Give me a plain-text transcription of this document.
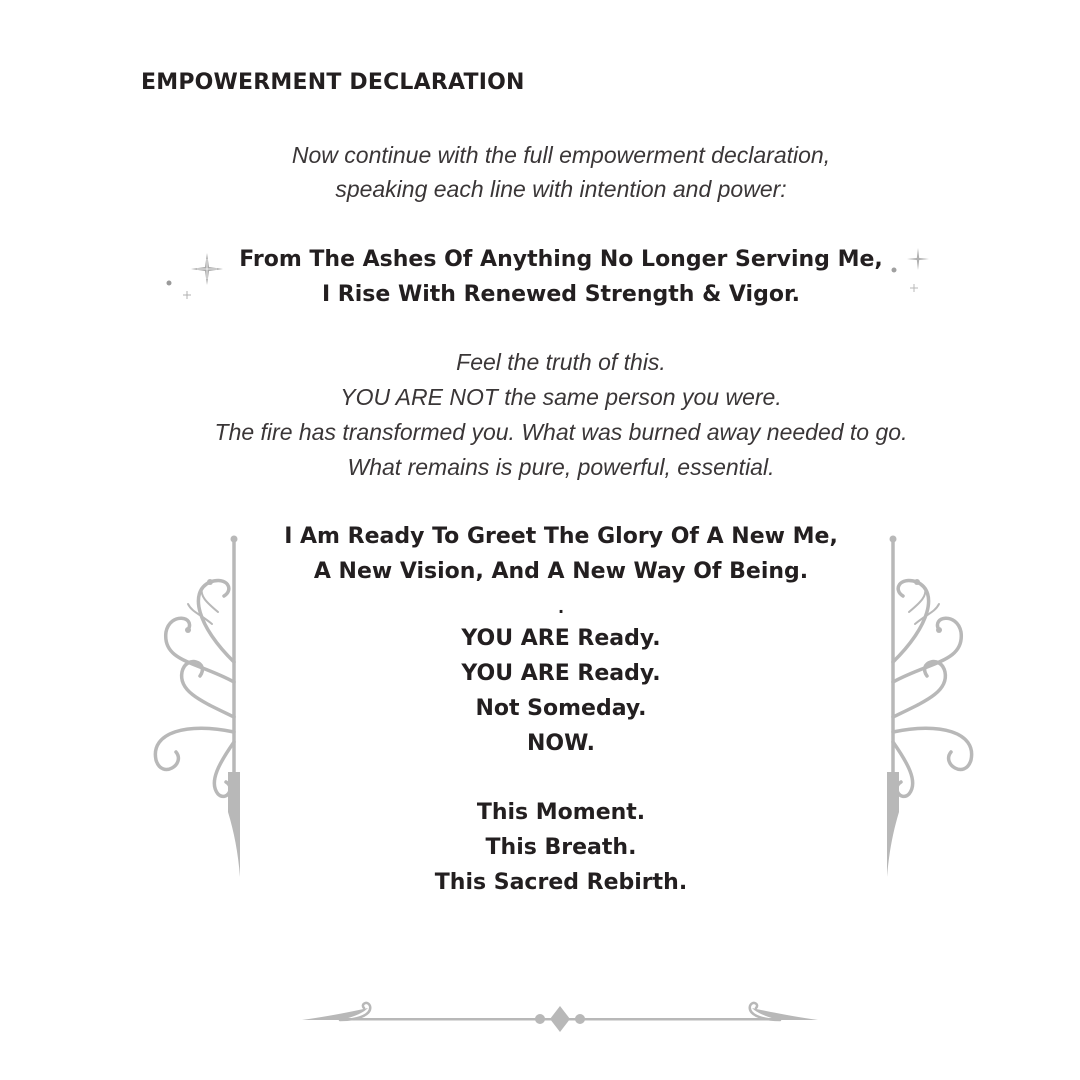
EMPOWERMENT DECLARATION
Now continue with the full empowerment declaration,
speaking each line with intention and power:
From The Ashes Of Anything No Longer Serving Me,
I Rise With Renewed Strength & Vigor.
Feel the truth of this.
YOU ARE NOT the same person you were.
The fire has transformed you. What was burned away needed to go.
What remains is pure, powerful, essential.
I Am Ready To Greet The Glory Of A New Me,
A New Vision, And A New Way Of Being.
.
YOU ARE Ready.
YOU ARE Ready.
Not Someday.
NOW.
This Moment.
This Breath.
This Sacred Rebirth.
